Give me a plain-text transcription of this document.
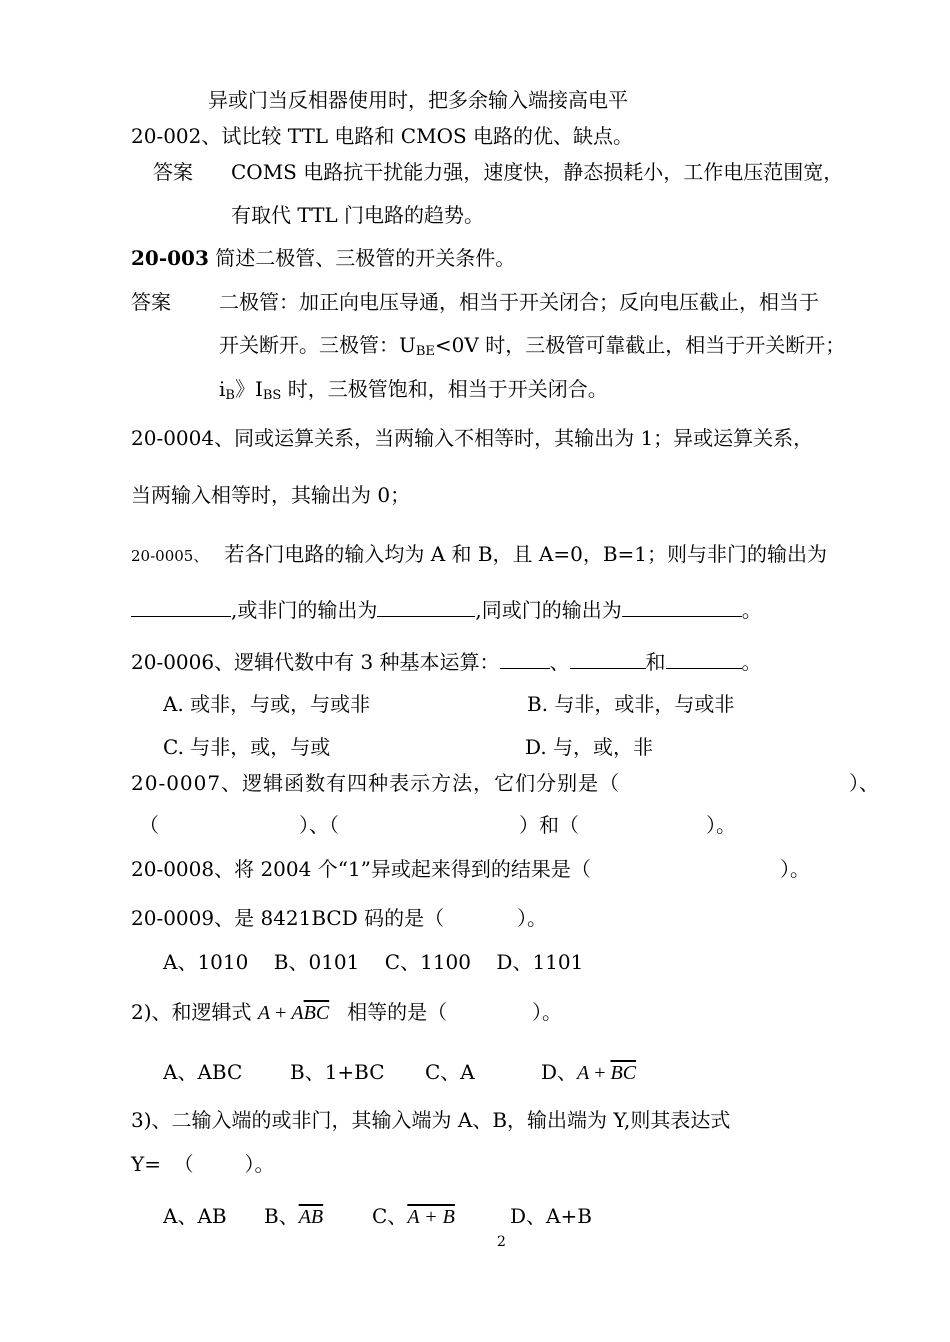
异或门当反相器使用时，把多余输入端接高电平
20-002、试比较 TTL 电路和 CMOS 电路的优、缺点。
答案 COMS 电路抗干扰能力强，速度快，静态损耗小，工作电压范围宽，
有取代 TTL 门电路的趋势。
20-003 简述二极管、三极管的开关条件。
答案 二极管：加正向电压导通，相当于开关闭合；反向电压截止，相当于
开关断开。三极管：$U_{BE}<0V$ 时，三极管可靠截止，相当于开关断开；
$i_B$》$I_{BS}$ 时，三极管饱和，相当于开关闭合。
20-0004、同或运算关系，当两输入不相等时，其输出为 1；异或运算关系，
当两输入相等时，其输出为 0；
20-0005、 若各门电路的输入均为 A 和 B，且 A=0，B=1；则与非门的输出为
,或非门的输出为	,同或门的输出为	。
20-0006、逻辑代数中有 3 种基本运算：	、	和	。
A. 或非，与或，与或非	B. 与非，或非，与或非
C. 与非，或，与或	D. 与，或，非
20-0007、逻辑函数有四种表示方法，它们分别是（	）、
（	）、（	）和（	）。
20-0008、将 2004 个“1”异或起来得到的结果是（	）。
20-0009、是 8421BCD 码的是（	）。
A、1010    B、0101    C、1100    D、1101
2)、和逻辑式 $A + A\overline{BC}$ 相等的是（	）。
A、ABC B、1+BC C、A	D、$A + \overline{BC}$
3)、二输入端的或非门，其输入端为 A、B，输出端为 Y,则其表达式
Y=  （        ）。
A、AB B、$\overline{AB}$ C、A + B	D、A+B
2
